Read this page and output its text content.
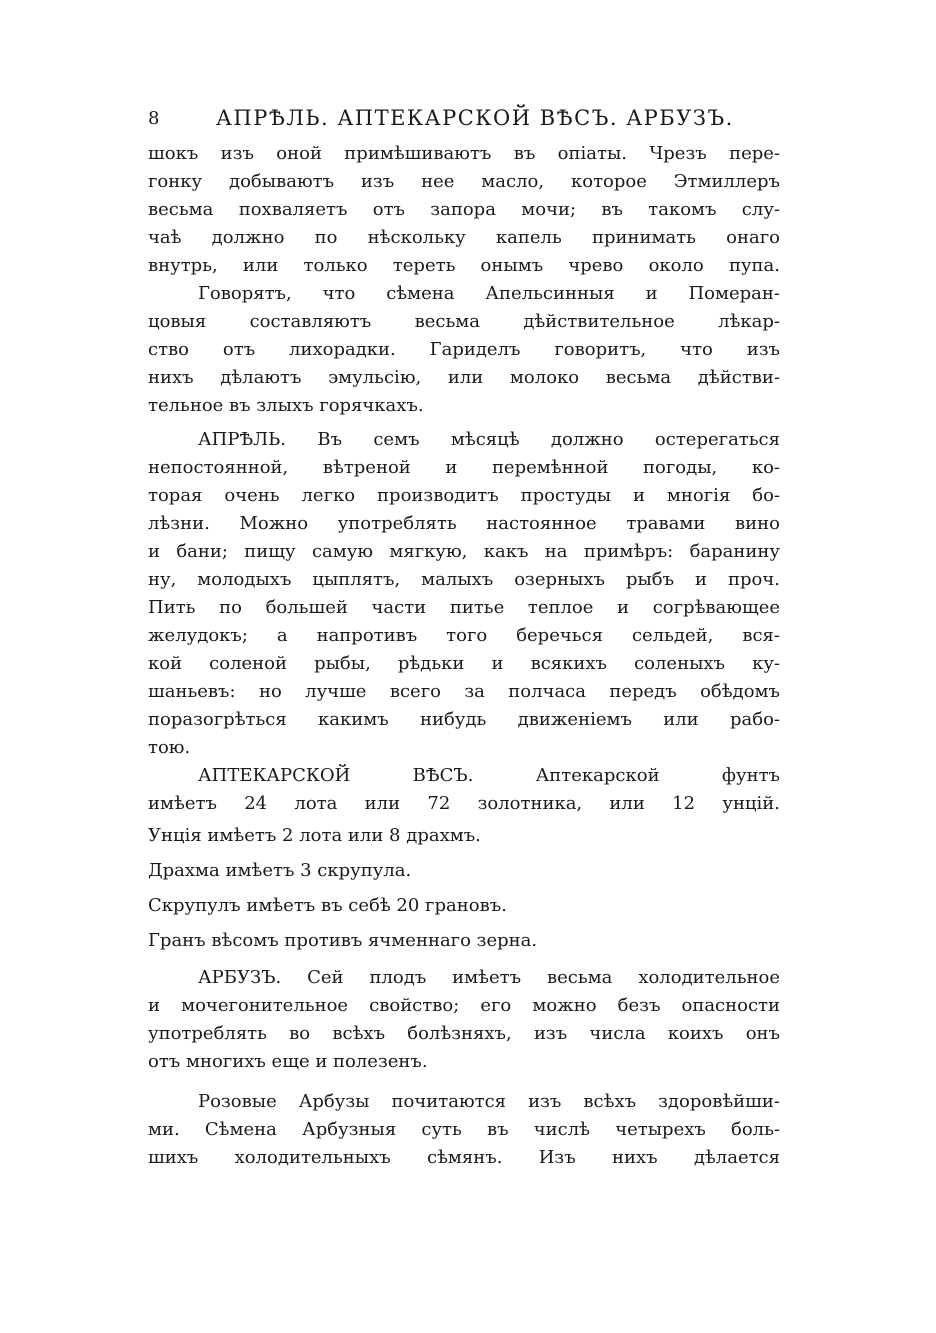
8	АПРѢЛЬ. АПТЕКАРСКОЙ ВѢСЪ. АРБУЗЪ.
шокъ изъ оной примѣшиваютъ въ опіаты. Чрезъ пере-
гонку добываютъ изъ нее масло, которое Этмиллеръ
весьма похваляетъ отъ запора мочи; въ такомъ слу-
чаѣ должно по нѣскольку капель принимать онаго
внутрь, или только тереть онымъ чрево около пупа.
Говорятъ, что сѣмена Апельсинныя и Померан-
цовыя составляютъ весьма дѣйствительное лѣкар-
ство отъ лихорадки. Гариделъ говоритъ, что изъ
нихъ дѣлаютъ эмульсію, или молоко весьма дѣйстви-
тельное въ злыхъ горячкахъ.
АПРѢЛЬ. Въ семъ мѣсяцѣ должно остерегаться
непостоянной, вѣтреной и перемѣнной погоды, ко-
торая очень легко производитъ простуды и многія бо-
лѣзни. Можно употреблять настоянное травами вино
и бани; пищу самую мягкую, какъ на примѣръ: баранину
ну, молодыхъ цыплятъ, малыхъ озерныхъ рыбъ и проч.
Пить по большей части питье теплое и согрѣвающее
желудокъ; а напротивъ того беречься сельдей, вся-
кой соленой рыбы, рѣдьки и всякихъ соленыхъ ку-
шаньевъ: но лучше всего за полчаса передъ обѣдомъ
поразогрѣться какимъ нибудь движеніемъ или рабо-
тою.
АПТЕКАРСКОЙ ВѢСЪ. Аптекарской фунтъ
имѣетъ 24 лота или 72 золотника, или 12 унцій.
Унція имѣетъ 2 лота или 8 драхмъ.
Драхма имѣетъ 3 скрупула.
Скрупулъ имѣетъ въ себѣ 20 грановъ.
Гранъ вѣсомъ противъ ячменнаго зерна.
АРБУЗЪ. Сей плодъ имѣетъ весьма холодительное
и мочегонительное свойство; его можно безъ опасности
употреблять во всѣхъ болѣзняхъ, изъ числа коихъ онъ
отъ многихъ еще и полезенъ.
Розовые Арбузы почитаются изъ всѣхъ здоровѣйши-
ми. Сѣмена Арбузныя суть въ числѣ четырехъ боль-
шихъ холодительныхъ сѣмянъ. Изъ нихъ дѣлается
